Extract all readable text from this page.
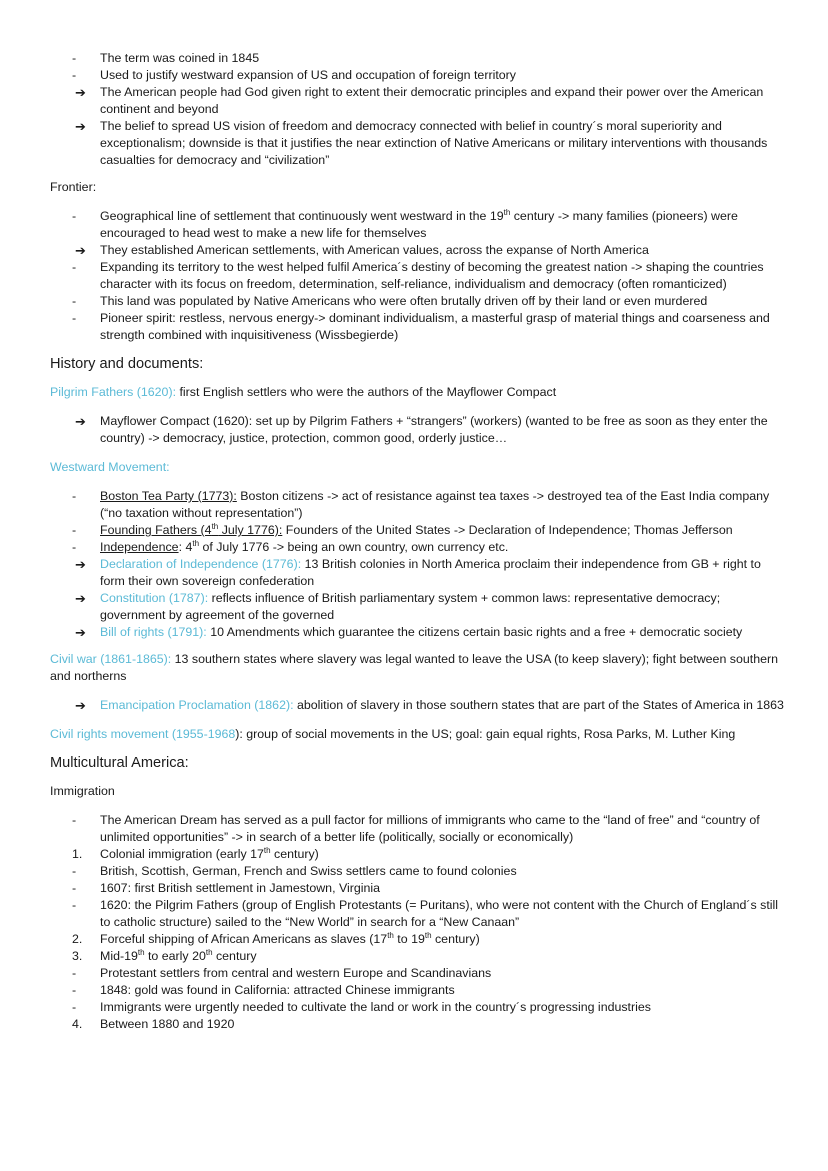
-	The term was coined in 1845
-	Used to justify westward expansion of US and occupation of foreign territory
➔	The American people had God given right to extent their democratic principles and expand their power over the American continent and beyond
➔	The belief to spread US vision of freedom and democracy connected with belief in country´s moral superiority and exceptionalism; downside is that it justifies the near extinction of Native Americans or military interventions with thousands casualties for democracy and “civilization”

Frontier:

-	Geographical line of settlement that continuously went westward in the 19th century -> many families (pioneers) were encouraged to head west to make a new life for themselves
➔	They established American settlements, with American values, across the expanse of North America
-	Expanding its territory to the west helped fulfil America´s destiny of becoming the greatest nation -> shaping the countries character with its focus on freedom, determination, self-reliance, individualism and democracy (often romanticized)
-	This land was populated by Native Americans who were often brutally driven off by their land or even murdered
-	Pioneer spirit: restless, nervous energy-> dominant individualism, a masterful grasp of material things and coarseness and strength combined with inquisitiveness (Wissbegierde)

History and documents:

Pilgrim Fathers (1620): first English settlers who were the authors of the Mayflower Compact

➔	Mayflower Compact (1620): set up by Pilgrim Fathers + “strangers” (workers) (wanted to be free as soon as they enter the country) -> democracy, justice, protection, common good, orderly justice…

Westward Movement:

-	Boston Tea Party (1773): Boston citizens -> act of resistance against tea taxes -> destroyed tea of the East India company (“no taxation without representation”)
-	Founding Fathers (4th July 1776): Founders of the United States -> Declaration of Independence; Thomas Jefferson
-	Independence: 4th of July 1776 -> being an own country, own currency etc.
➔	Declaration of Independence (1776): 13 British colonies in North America proclaim their independence from GB + right to form their own sovereign confederation
➔	Constitution (1787): reflects influence of British parliamentary system + common laws: representative democracy; government by agreement of the governed
➔	Bill of rights (1791): 10 Amendments which guarantee the citizens certain basic rights and a free + democratic society

Civil war (1861-1865): 13 southern states where slavery was legal wanted to leave the USA (to keep slavery); fight between southern and northerns

➔	Emancipation Proclamation (1862): abolition of slavery in those southern states that are part of the States of America in 1863

Civil rights movement (1955-1968): group of social movements in the US; goal: gain equal rights, Rosa Parks, M. Luther King

Multicultural America:

Immigration

-	The American Dream has served as a pull factor for millions of immigrants who came to the “land of free” and “country of unlimited opportunities” -> in search of a better life (politically, socially or economically)
1.	Colonial immigration (early 17th century)
-	British, Scottish, German, French and Swiss settlers came to found colonies
-	1607: first British settlement in Jamestown, Virginia
-	1620: the Pilgrim Fathers (group of English Protestants (= Puritans), who were not content with the Church of England´s still to catholic structure) sailed to the “New World” in search for a “New Canaan”
2.	Forceful shipping of African Americans as slaves (17th to 19th century)
3.	Mid-19th to early 20th century
-	Protestant settlers from central and western Europe and Scandinavians
-	1848: gold was found in California: attracted Chinese immigrants
-	Immigrants were urgently needed to cultivate the land or work in the country´s progressing industries
4.	Between 1880 and 1920
